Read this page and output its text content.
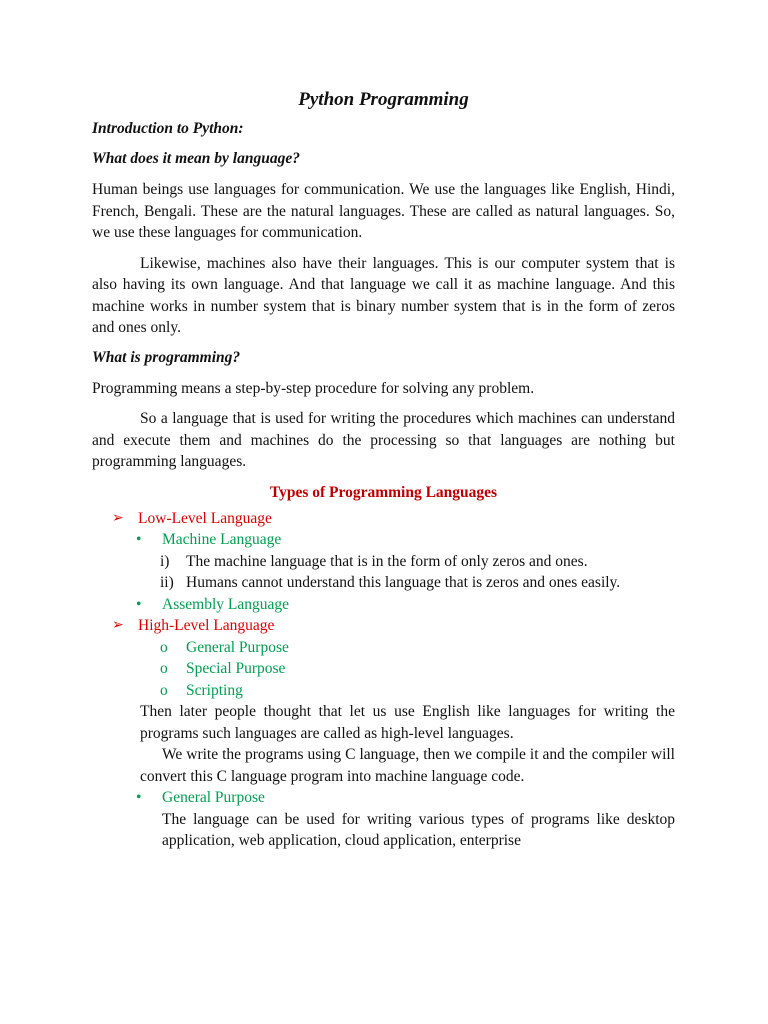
Python Programming
Introduction to Python:
What does it mean by language?

Human beings use languages for communication. We use the languages like English, Hindi, French, Bengali. These are the natural languages. These are called as natural languages. So, we use these languages for communication.

Likewise, machines also have their languages. This is our computer system that is also having its own language. And that language we call it as machine language. And this machine works in number system that is binary number system that is in the form of zeros and ones only.

What is programming?

Programming means a step-by-step procedure for solving any problem.

So a language that is used for writing the procedures which machines can understand and execute them and machines do the processing so that languages are nothing but programming languages.

Types of Programming Languages
➢ Low-Level Language
•	Machine Language
i)	The machine language that is in the form of only zeros and ones.
ii) Humans cannot understand this language that is zeros and ones easily.
•	Assembly Language
➢ High-Level Language
o	General Purpose
o	Special Purpose
o	Scripting

Then later people thought that let us use English like languages for writing the programs such languages are called as high-level languages.

We write the programs using C language, then we compile it and the compiler will convert this C language program into machine language code.

•	General Purpose

The language can be used for writing various types of programs like desktop application, web application, cloud application, enterprise
